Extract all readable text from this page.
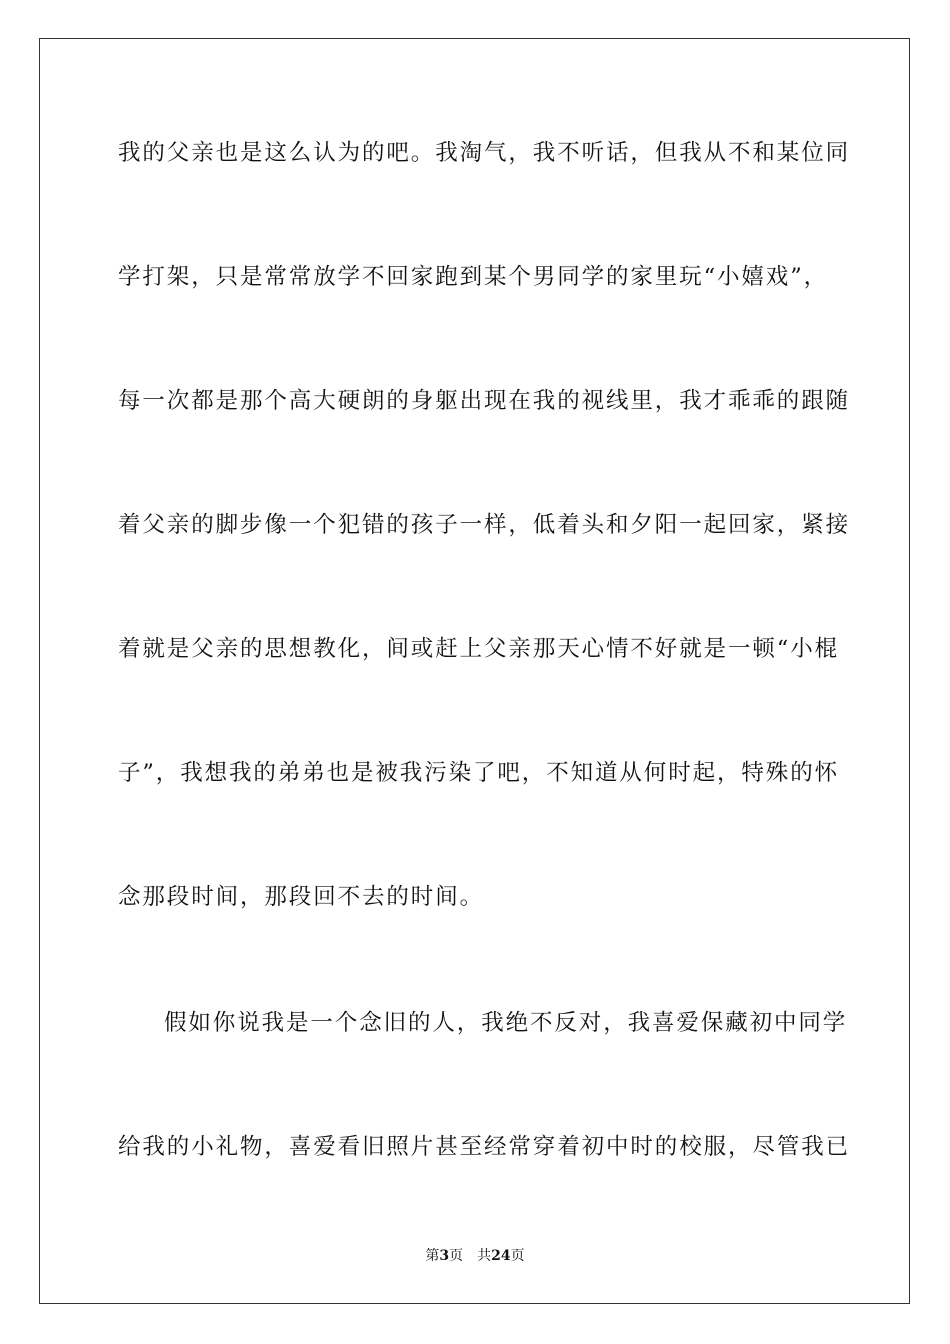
我的父亲也是这么认为的吧。我淘气，我不听话，但我从不和某位同
学打架，只是常常放学不回家跑到某个男同学的家里玩“小嬉戏”，
每一次都是那个高大硬朗的身躯出现在我的视线里，我才乖乖的跟随
着父亲的脚步像一个犯错的孩子一样，低着头和夕阳一起回家，紧接
着就是父亲的思想教化，间或赶上父亲那天心情不好就是一顿“小棍
子”，我想我的弟弟也是被我污染了吧，不知道从何时起，特殊的怀
念那段时间，那段回不去的时间。
假如你说我是一个念旧的人，我绝不反对，我喜爱保藏初中同学
给我的小礼物，喜爱看旧照片甚至经常穿着初中时的校服，尽管我已
第3页 共24页
